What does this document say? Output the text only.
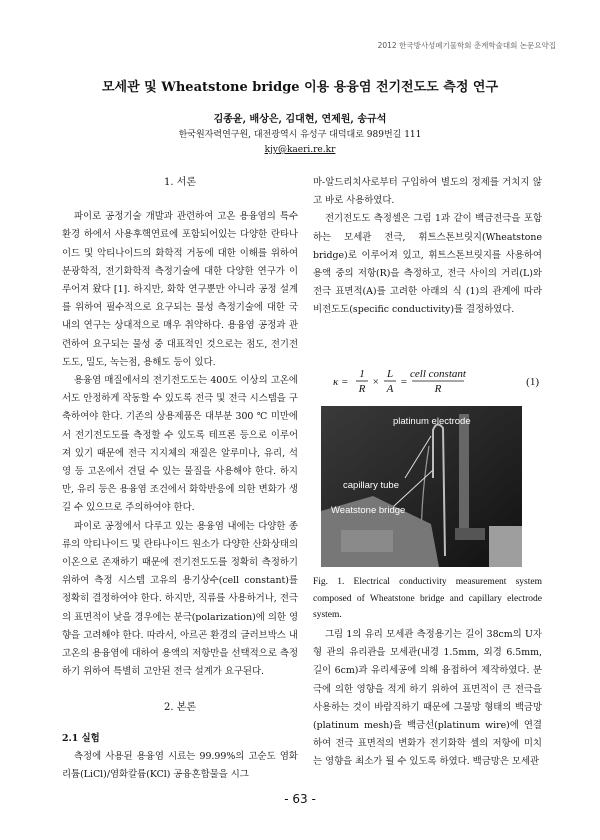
2012 한국방사성폐기물학회 춘계학술대회 논문요약집
모세관 및 Wheatstone bridge 이용 용융염 전기전도도 측정 연구
김종윤, 배상은, 김대현, 연제원, 송규석
한국원자력연구원, 대전광역시 유성구 대덕대로 989번길 111
kjy@kaeri.re.kr
1. 서론

파이로 공정기술 개발과 관련하여 고온 용융염의 특수 환경 하에서 사용후핵연료에 포함되어있는 다양한 란타나이드 및 악티나이드의 화학적 거동에 대한 이해를 위하여 분광학적, 전기화학적 측정기술에 대한 다양한 연구가 이루어져 왔다 [1]. 하지만, 화학 연구뿐만 아니라 공정 설계를 위하여 필수적으로 요구되는 물성 측정기술에 대한 국내의 연구는 상대적으로 매우 취약하다. 용융염 공정과 관련하여 요구되는 물성 중 대표적인 것으로는 점도, 전기전도도, 밀도, 녹는점, 용해도 등이 있다.

용융염 매질에서의 전기전도도는 400도 이상의 고온에서도 안정하게 작동할 수 있도록 전극 및 전극 시스템을 구축하여야 한다. 기존의 상용제품은 대부분 300 ℃ 미만에서 전기전도도를 측정할 수 있도록 테프론 등으로 이루어져 있기 때문에 전극 지지체의 재질은 알루미나, 유리, 석영 등 고온에서 견딜 수 있는 물질을 사용해야 한다. 하지만, 유리 등은 용융염 조건에서 화학반응에 의한 변화가 생길 수 있으므로 주의하여야 한다.

파이로 공정에서 다루고 있는 용융염 내에는 다양한 종류의 악티나이드 및 란타나이드 원소가 다양한 산화상태의 이온으로 존재하기 때문에 전기전도도를 정확히 측정하기 위하여 측정 시스템 고유의 용기상수(cell constant)를 정확히 결정하여야 한다. 하지만, 직류를 사용하거나, 전극의 표면적이 낮을 경우에는 분극(polarization)에 의한 영향을 고려해야 한다. 따라서, 아르곤 환경의 글러브박스 내 고온의 용융염에 대하여 용액의 저항만을 선택적으로 측정하기 위하여 특별히 고안된 전극 설계가 요구된다.

2. 본론
2.1 실험

측정에 사용된 용융염 시료는 99.99%의 고순도 염화리튬(LiCl)/염화칼륨(KCl) 공융혼합물을 시그

마-알드리치사로부터 구입하여 별도의 정제를 거치지 않고 바로 사용하였다.

전기전도도 측정셀은 그림 1과 같이 백금전극을 포함하는 모세관 전극, 휘트스톤브릿지(Wheatstone bridge)로 이루어져 있고, 휘트스톤브릿지를 사용하여 용액 중의 저항(R)을 측정하고, 전극 사이의 거리(L)와 전극 표면적(A)를 고려한 아래의 식 (1)의 관계에 따라 비전도도(specific conductivity)를 결정하였다.

κ =
1
R
×
L
A
=
cell constant
R
(1)
platinum electrode
capillary tube
Weatstone bridge
Fig. 1. Electrical conductivity measurement system composed of Wheatstone bridge and capillary electrode system.

그림 1의 유리 모세관 측정용기는 길이 38cm의 U자형 관의 유리관을 모세관(내경 1.5mm, 외경 6.5mm, 길이 6cm)과 유리세공에 의해 융접하여 제작하였다. 분극에 의한 영향을 적게 하기 위하여 표면적이 큰 전극을 사용하는 것이 바람직하기 때문에 그물망 형태의 백금망(platinum mesh)을 백금선(platinum wire)에 연결하여 전극 표면적의 변화가 전기화학 셀의 저항에 미치는 영향을 최소가 될 수 있도록 하였다. 백금망은 모세관

- 63 -
